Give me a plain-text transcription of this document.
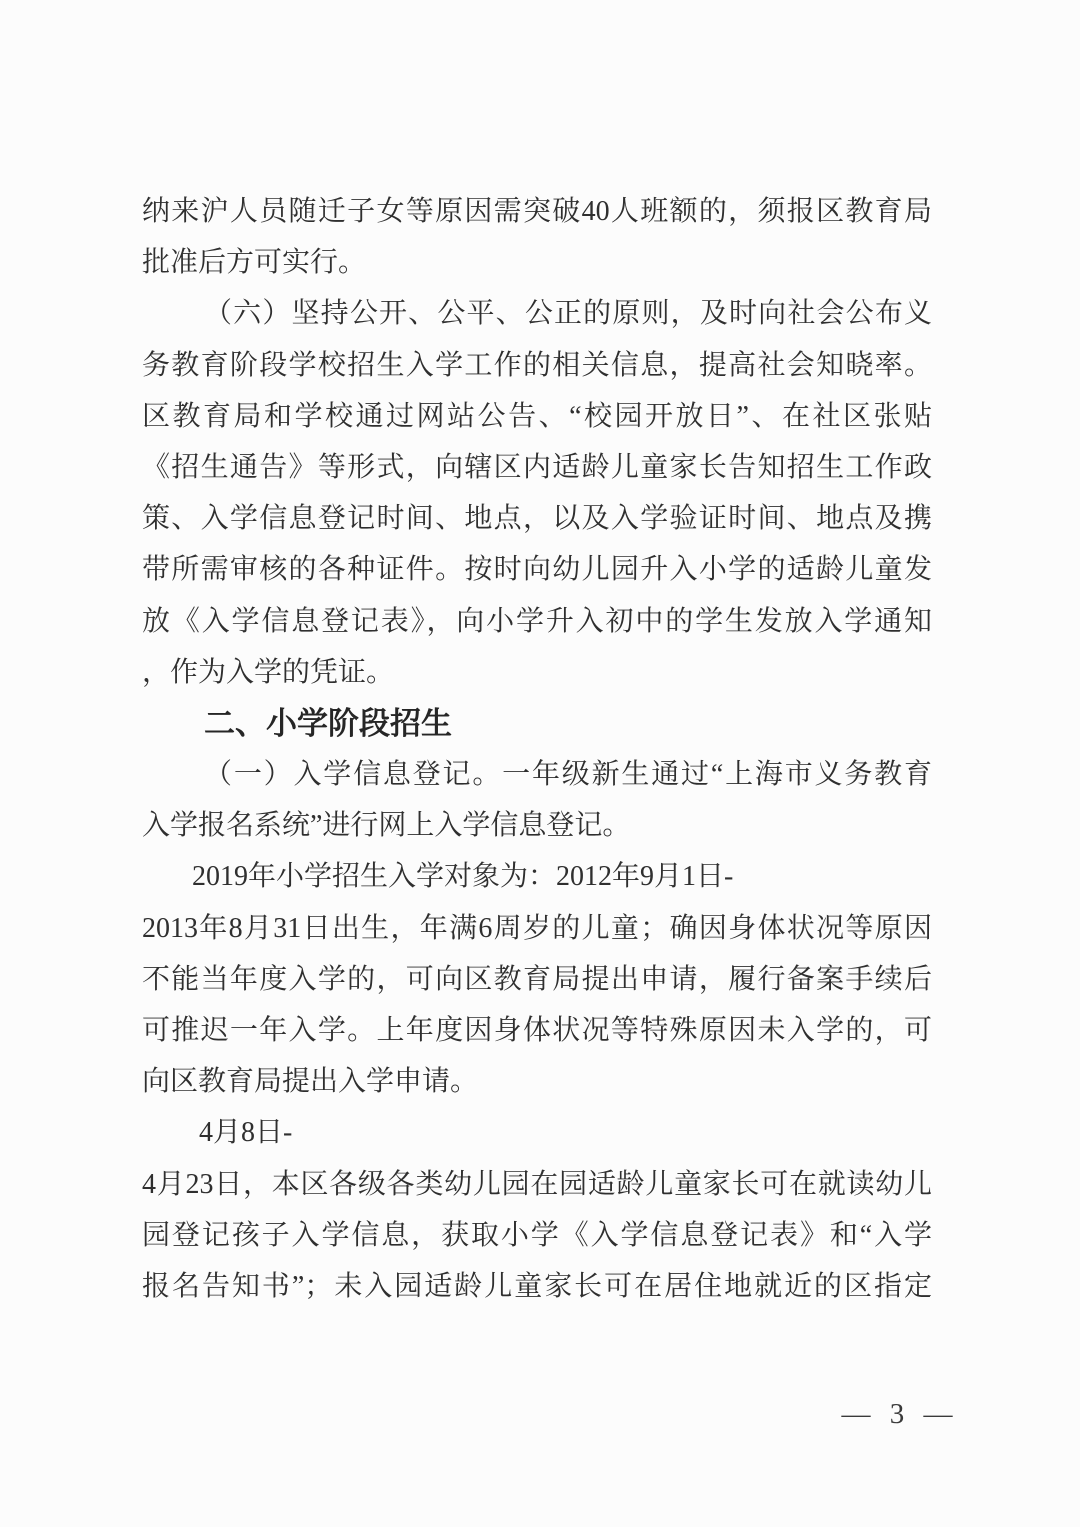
纳来沪人员随迁子女等原因需突破40人班额的，须报区教育局
批准后方可实行。
（六）坚持公开、公平、公正的原则，及时向社会公布义
务教育阶段学校招生入学工作的相关信息，提高社会知晓率。
区教育局和学校通过网站公告、“校园开放日”、在社区张贴
《招生通告》等形式，向辖区内适龄儿童家长告知招生工作政
策、入学信息登记时间、地点，以及入学验证时间、地点及携
带所需审核的各种证件。按时向幼儿园升入小学的适龄儿童发
放《入学信息登记表》，向小学升入初中的学生发放入学通知
，作为入学的凭证。
二、小学阶段招生
（一）入学信息登记。一年级新生通过“上海市义务教育
入学报名系统”进行网上入学信息登记。
2019年小学招生入学对象为：2012年9月1日-
2013年8月31日出生，年满6周岁的儿童；确因身体状况等原因
不能当年度入学的，可向区教育局提出申请，履行备案手续后
可推迟一年入学。上年度因身体状况等特殊原因未入学的，可
向区教育局提出入学申请。
4月8日-
4月23日，本区各级各类幼儿园在园适龄儿童家长可在就读幼儿
园登记孩子入学信息，获取小学《入学信息登记表》和“入学
报名告知书”；未入园适龄儿童家长可在居住地就近的区指定
— 3 —
